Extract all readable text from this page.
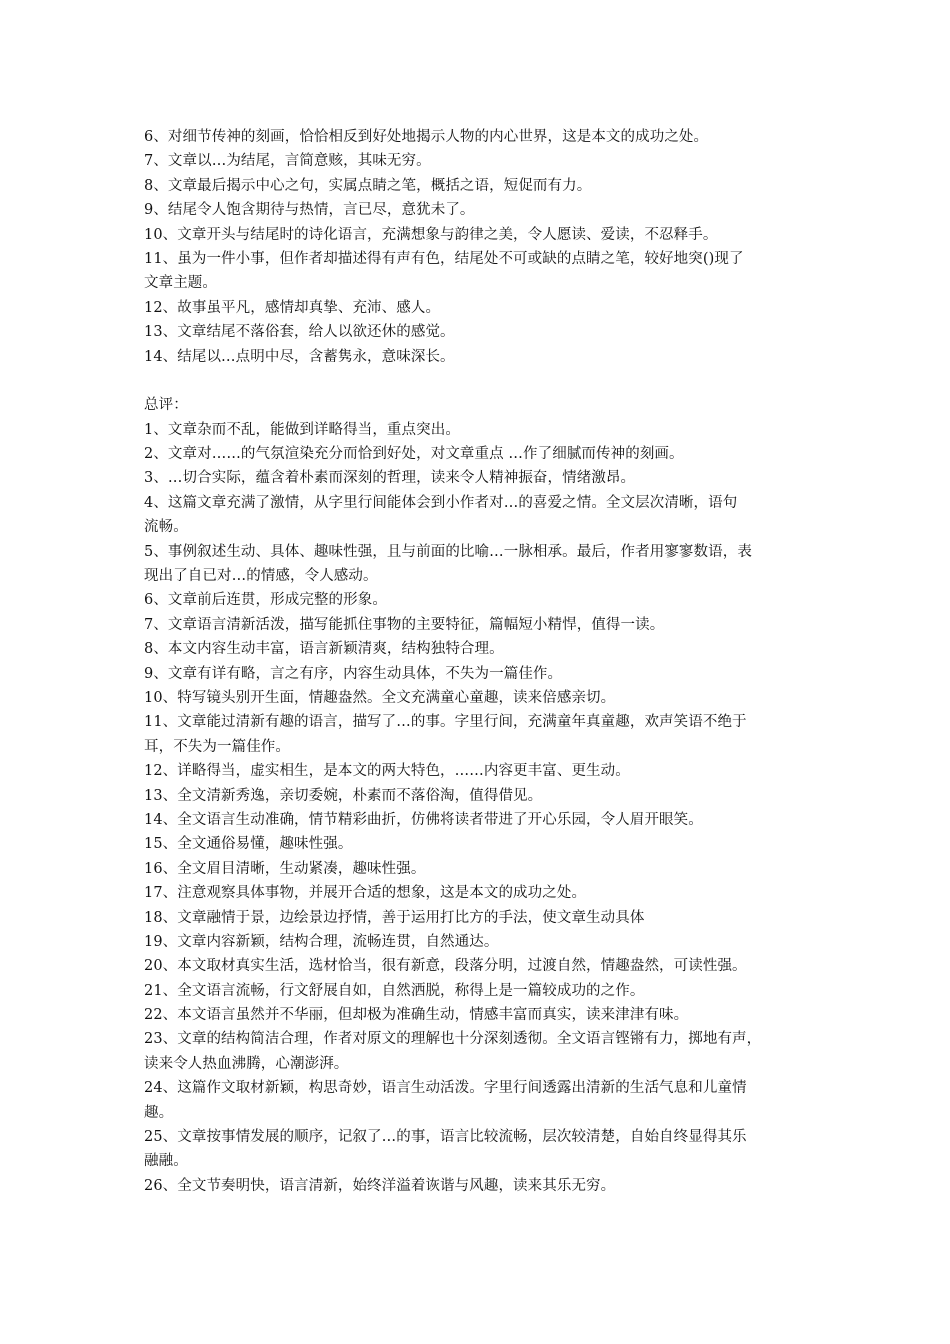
6、对细节传神的刻画，恰恰相反到好处地揭示人物的内心世界，这是本文的成功之处。
7、文章以…为结尾，言简意赅，其味无穷。
8、文章最后揭示中心之句，实属点睛之笔，概括之语，短促而有力。
9、结尾令人饱含期待与热情，言已尽，意犹未了。
10、文章开头与结尾时的诗化语言，充满想象与韵律之美，令人愿读、爱读，不忍释手。
11、虽为一件小事，但作者却描述得有声有色，结尾处不可或缺的点睛之笔，较好地突()现了
文章主题。
12、故事虽平凡，感情却真挚、充沛、感人。
13、文章结尾不落俗套，给人以欲还休的感觉。
14、结尾以…点明中尽，含蓄隽永，意味深长。
总评：
1、文章杂而不乱，能做到详略得当，重点突出。
2、文章对……的气氛渲染充分而恰到好处，对文章重点 …作了细腻而传神的刻画。
3、…切合实际，蕴含着朴素而深刻的哲理，读来令人精神振奋，情绪激昂。
4、这篇文章充满了激情，从字里行间能体会到小作者对…的喜爱之情。全文层次清晰，语句
流畅。
5、事例叙述生动、具体、趣味性强，且与前面的比喻…一脉相承。最后，作者用寥寥数语，表
现出了自已对…的情感，令人感动。
6、文章前后连贯，形成完整的形象。
7、文章语言清新活泼，描写能抓住事物的主要特征，篇幅短小精悍，值得一读。
8、本文内容生动丰富，语言新颖清爽，结构独特合理。
9、文章有详有略，言之有序，内容生动具体，不失为一篇佳作。
10、特写镜头别开生面，情趣盎然。全文充满童心童趣，读来倍感亲切。
11、文章能过清新有趣的语言，描写了…的事。字里行间，充满童年真童趣，欢声笑语不绝于
耳，不失为一篇佳作。
12、详略得当，虚实相生，是本文的两大特色，……内容更丰富、更生动。
13、全文清新秀逸，亲切委婉，朴素而不落俗淘，值得借见。
14、全文语言生动准确，情节精彩曲折，仿佛将读者带进了开心乐园，令人眉开眼笑。
15、全文通俗易懂，趣味性强。
16、全文眉目清晰，生动紧凑，趣味性强。
17、注意观察具体事物，并展开合适的想象，这是本文的成功之处。
18、文章融情于景，边绘景边抒情，善于运用打比方的手法，使文章生动具体
19、文章内容新颖，结构合理，流畅连贯，自然通达。
20、本文取材真实生活，选材恰当，很有新意，段落分明，过渡自然，情趣盎然，可读性强。
21、全文语言流畅，行文舒展自如，自然洒脱，称得上是一篇较成功的之作。
22、本文语言虽然并不华丽，但却极为准确生动，情感丰富而真实，读来津津有味。
23、文章的结构简洁合理，作者对原文的理解也十分深刻透彻。全文语言铿锵有力，掷地有声，
读来令人热血沸腾，心潮澎湃。
24、这篇作文取材新颖，构思奇妙，语言生动活泼。字里行间透露出清新的生活气息和儿童情
趣。
25、文章按事情发展的顺序，记叙了…的事，语言比较流畅，层次较清楚，自始自终显得其乐
融融。
26、全文节奏明快，语言清新，始终洋溢着诙谐与风趣，读来其乐无穷。
